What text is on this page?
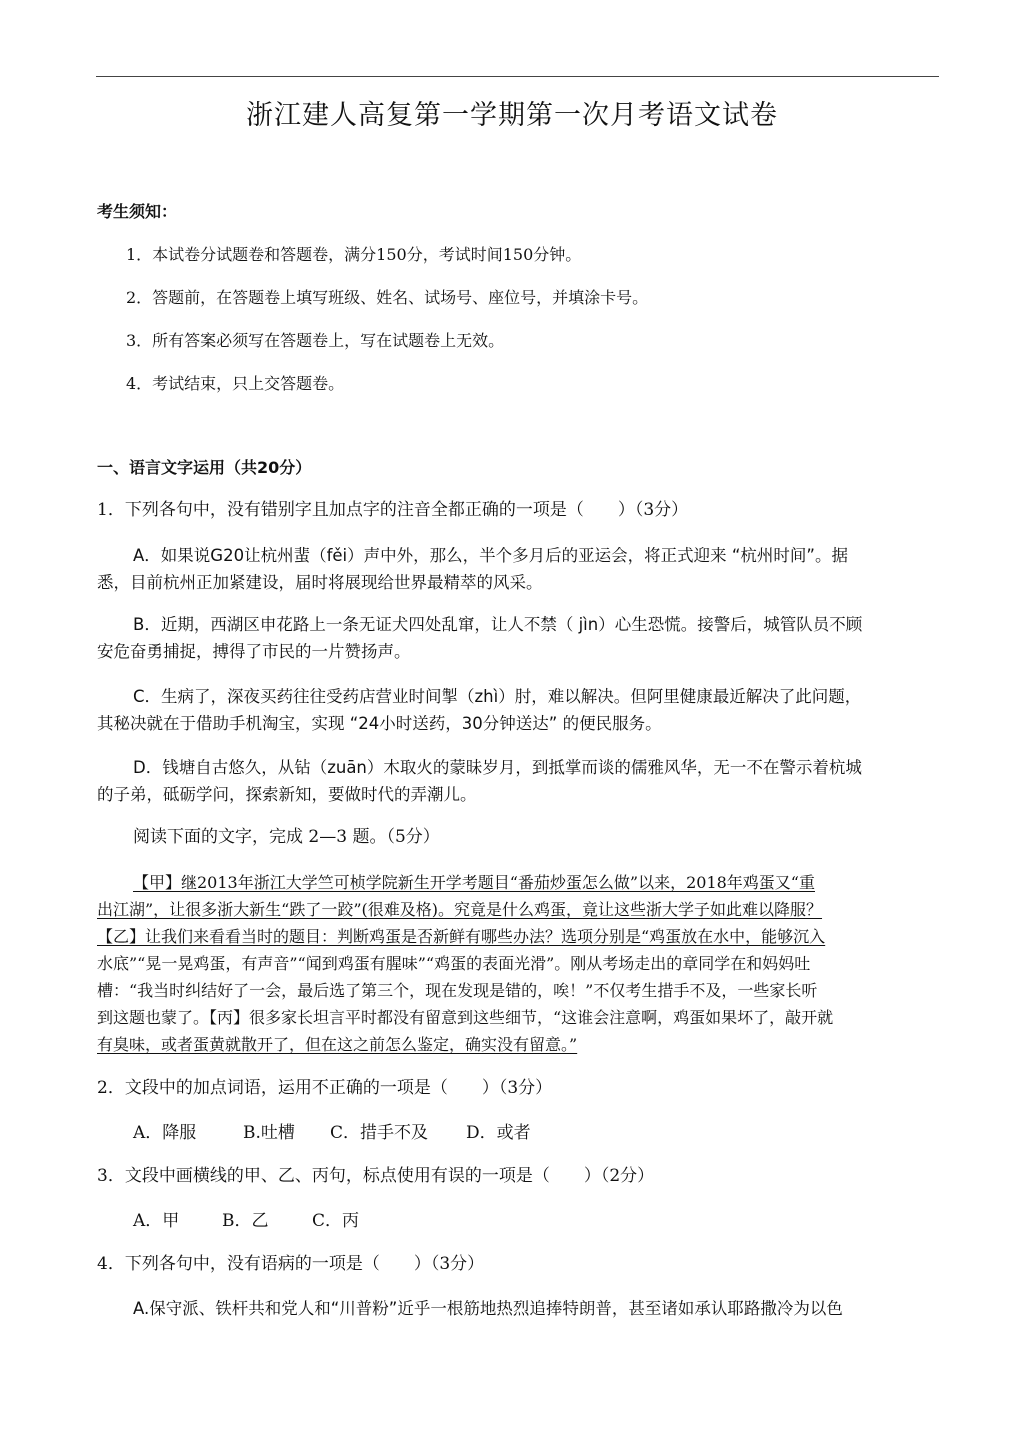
浙江建人高复第一学期第一次月考语文试卷
考生须知：
1．本试卷分试题卷和答题卷，满分150分，考试时间150分钟。
2．答题前，在答题卷上填写班级、姓名、试场号、座位号，并填涂卡号。
3．所有答案必须写在答题卷上，写在试题卷上无效。
4．考试结束，只上交答题卷。
一、语言文字运用（共20分）
1．下列各句中，没有错别字且加点字的注音全都正确的一项是（　　）（3分）
A．如果说G20让杭州蜚（fěi）声中外，那么，半个多月后的亚运会，将正式迎来 “杭州时间”。据
悉，目前杭州正加紧建设，届时将展现给世界最精萃的风采。
B．近期，西湖区申花路上一条无证犬四处乱窜，让人不禁（ jìn）心生恐慌。接警后，城管队员不顾
安危奋勇捕捉，搏得了市民的一片赞扬声。
C．生病了，深夜买药往往受药店营业时间掣（zhì）肘，难以解决。但阿里健康最近解决了此问题，
其秘决就在于借助手机淘宝，实现 “24小时送药，30分钟送达” 的便民服务。
D．钱塘自古悠久，从钻（zuān）木取火的蒙昧岁月，到抵掌而谈的儒雅风华，无一不在警示着杭城
的子弟，砥砺学问，探索新知，要做时代的弄潮儿。
阅读下面的文字，完成 2—3 题。（5分）
【甲】继2013年浙江大学竺可桢学院新生开学考题目“番茄炒蛋怎么做”以来，2018年鸡蛋又“重
出江湖”，让很多浙大新生“跌了一跤”(很难及格)。究竟是什么鸡蛋，竟让这些浙大学子如此难以降服？
【乙】让我们来看看当时的题目：判断鸡蛋是否新鲜有哪些办法？选项分别是“鸡蛋放在水中，能够沉入
水底”“晃一晃鸡蛋，有声音”“闻到鸡蛋有腥味”“鸡蛋的表面光滑”。刚从考场走出的章同学在和妈妈吐
槽：“我当时纠结好了一会，最后选了第三个，现在发现是错的，唉！”不仅考生措手不及，一些家长听
到这题也蒙了。【丙】很多家长坦言平时都没有留意到这些细节，“这谁会注意啊，鸡蛋如果坏了，敲开就
有臭味，或者蛋黄就散开了，但在这之前怎么鉴定，确实没有留意。”
2．文段中的加点词语，运用不正确的一项是（　　）（3分）
A．降服	B.吐槽 C．措手不及 D．或者
3．文段中画横线的甲、乙、丙句，标点使用有误的一项是（　　）（2分）
A．甲	B．乙	C．丙
4．下列各句中，没有语病的一项是（　　）（3分）
A.保守派、铁杆共和党人和“川普粉”近乎一根筋地热烈追捧特朗普，甚至诸如承认耶路撒冷为以色
